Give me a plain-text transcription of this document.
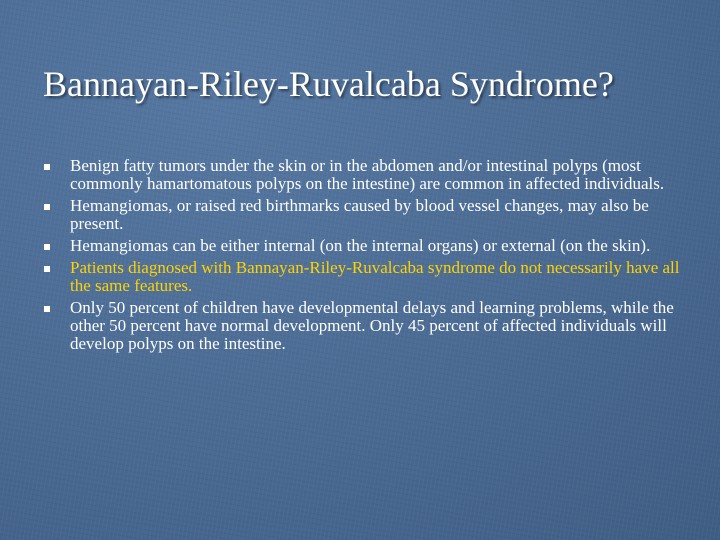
Bannayan-Riley-Ruvalcaba Syndrome?
Benign fatty tumors under the skin or in the abdomen and/or intestinal polyps (most commonly hamartomatous polyps on the intestine) are common in affected individuals.
Hemangiomas, or raised red birthmarks caused by blood vessel changes, may also be present.
Hemangiomas can be either internal (on the internal organs) or external (on the skin).
Patients diagnosed with Bannayan-Riley-Ruvalcaba syndrome do not necessarily have all the same features.
Only 50 percent of children have developmental delays and learning problems, while the other 50 percent have normal development. Only 45 percent of affected individuals will develop polyps on the intestine.
